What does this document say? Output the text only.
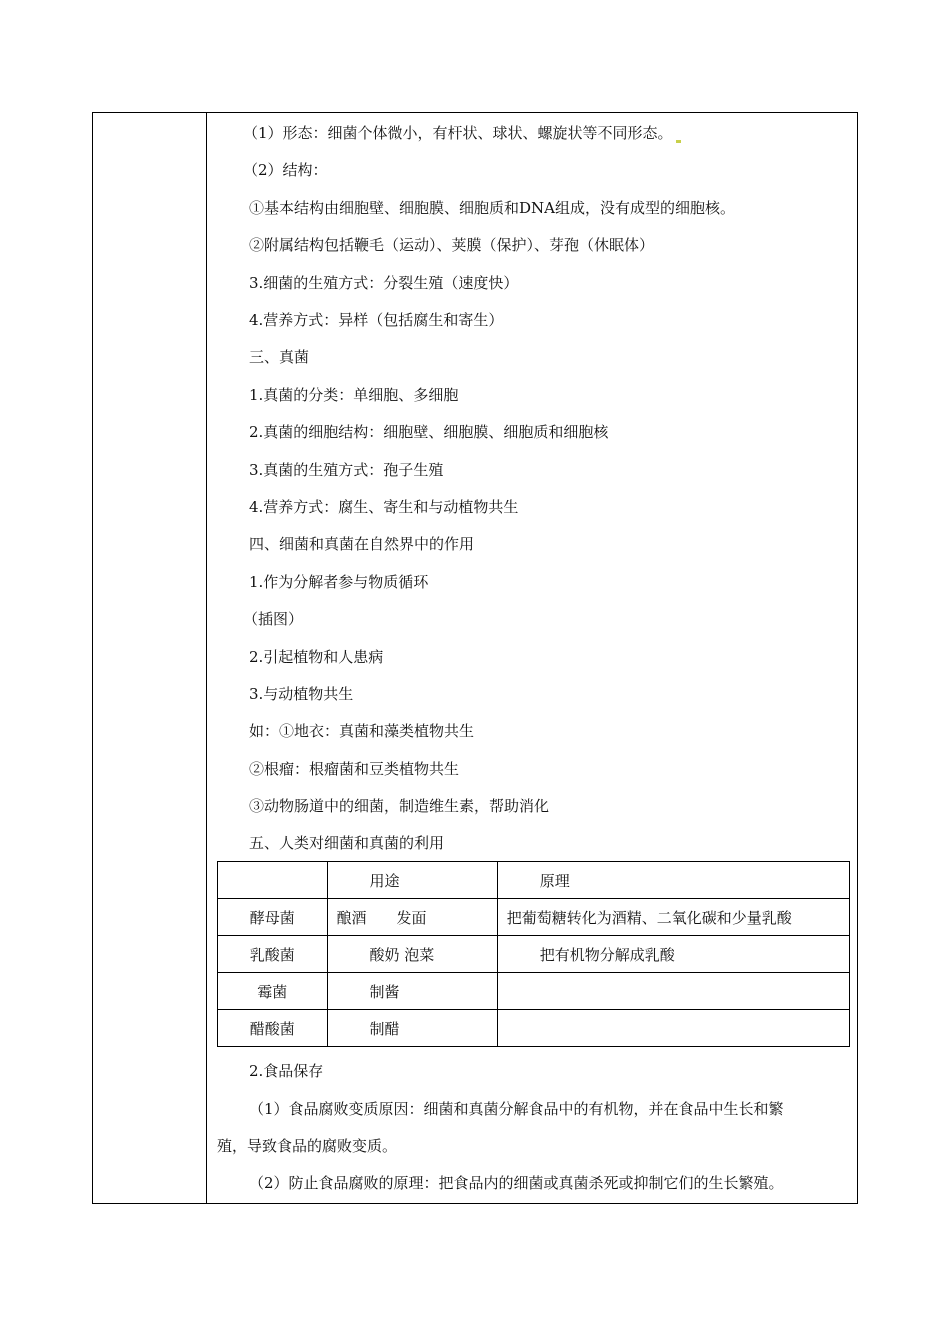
（1）形态：细菌个体微小，有杆状、球状、螺旋状等不同形态。
（2）结构：
①基本结构由细胞壁、细胞膜、细胞质和DNA组成，没有成型的细胞核。
②附属结构包括鞭毛（运动）、荚膜（保护）、芽孢（休眠体）
3.细菌的生殖方式：分裂生殖（速度快）
4.营养方式：异样（包括腐生和寄生）
三、真菌
1.真菌的分类：单细胞、多细胞
2.真菌的细胞结构：细胞壁、细胞膜、细胞质和细胞核
3.真菌的生殖方式：孢子生殖
4.营养方式：腐生、寄生和与动植物共生
四、细菌和真菌在自然界中的作用
1.作为分解者参与物质循环
（插图）
2.引起植物和人患病
3.与动植物共生
如：①地衣：真菌和藻类植物共生
②根瘤：根瘤菌和豆类植物共生
③动物肠道中的细菌，制造维生素，帮助消化
五、人类对细菌和真菌的利用
	用途	原理
酵母菌	酿酒　　发面	把葡萄糖转化为酒精、二氧化碳和少量乳酸
乳酸菌	酸奶 泡菜	把有机物分解成乳酸
霉菌	制酱	
醋酸菌	制醋	
2.食品保存
（1）食品腐败变质原因：细菌和真菌分解食品中的有机物，并在食品中生长和繁殖，导致食品的腐败变质。
（2）防止食品腐败的原理：把食品内的细菌或真菌杀死或抑制它们的生长繁殖。
